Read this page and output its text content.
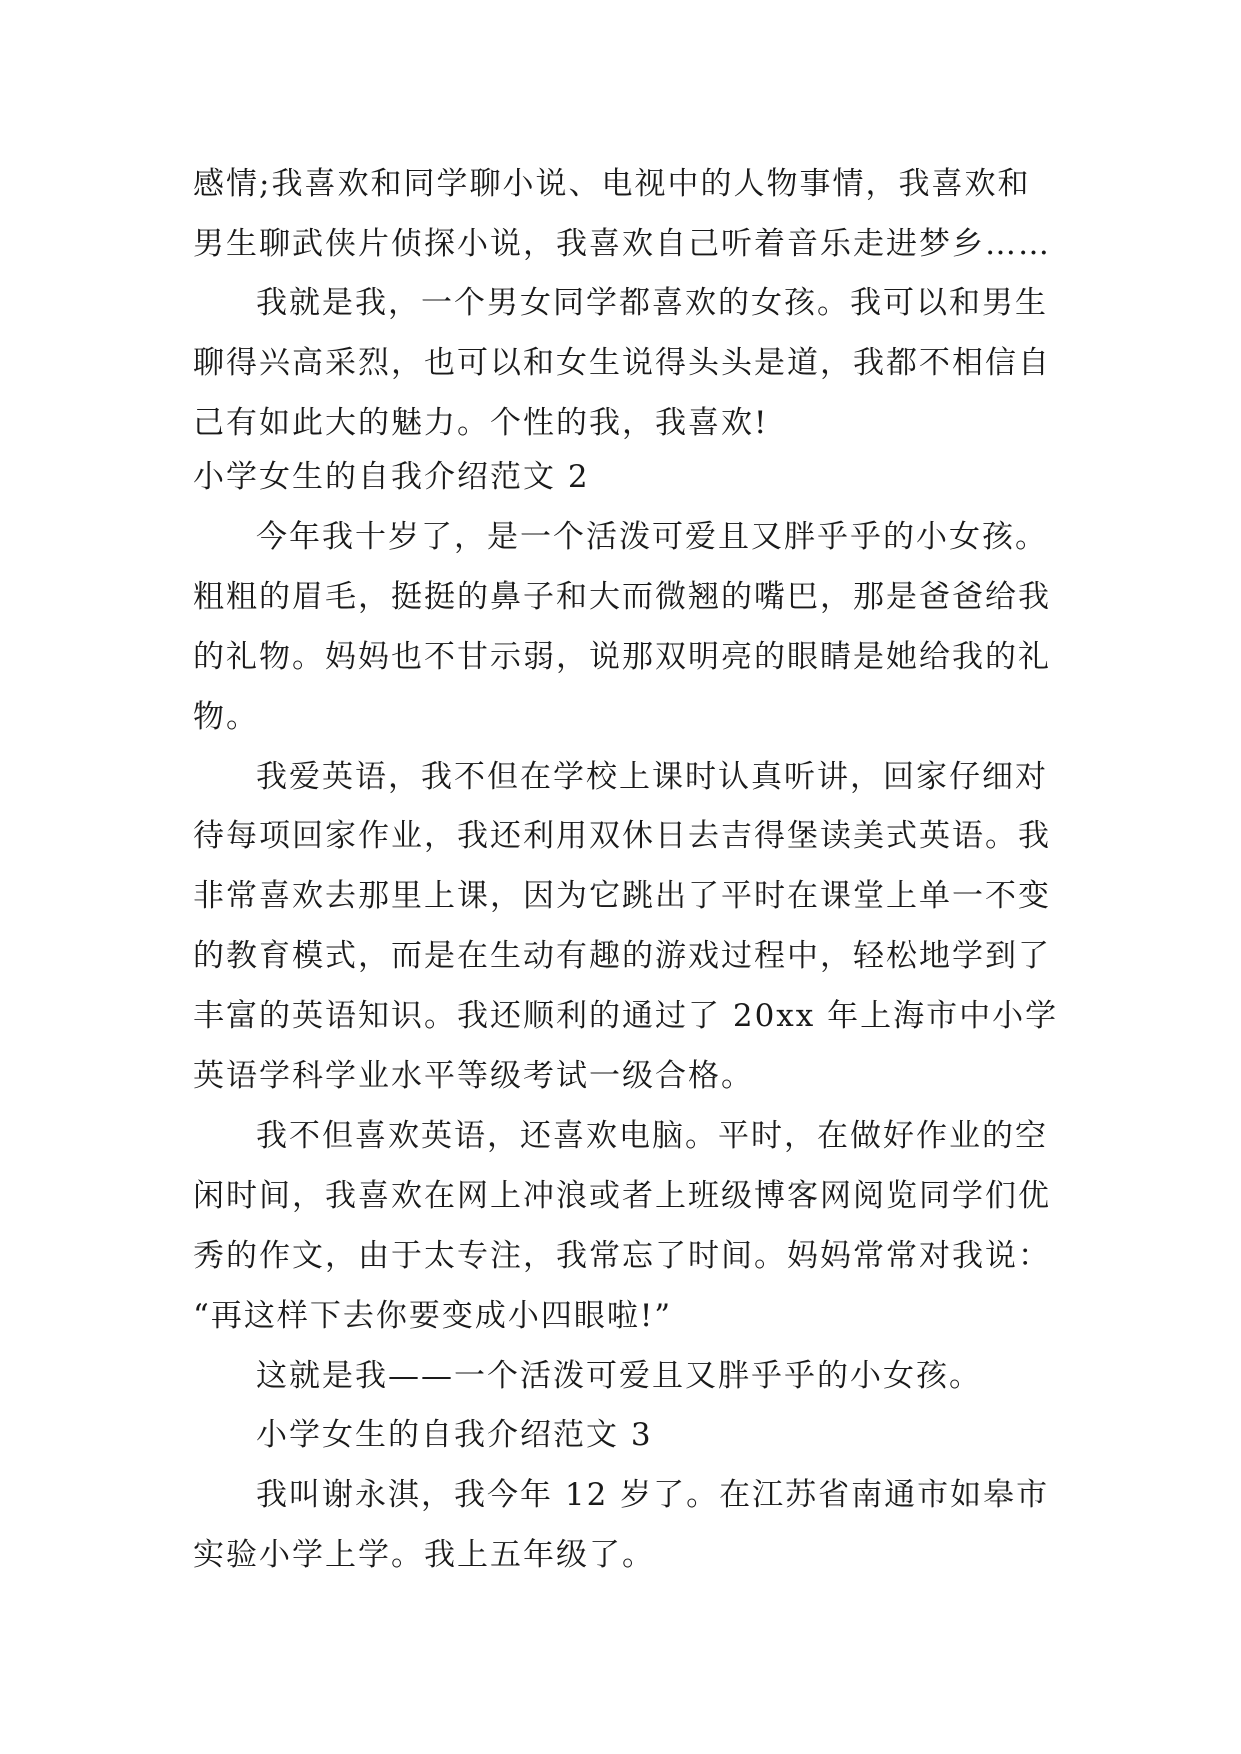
感情;我喜欢和同学聊小说、电视中的人物事情，我喜欢和
男生聊武侠片侦探小说，我喜欢自己听着音乐走进梦乡……
我就是我，一个男女同学都喜欢的女孩。我可以和男生
聊得兴高采烈，也可以和女生说得头头是道，我都不相信自
己有如此大的魅力。个性的我，我喜欢!
小学女生的自我介绍范文 2
今年我十岁了，是一个活泼可爱且又胖乎乎的小女孩。
粗粗的眉毛，挺挺的鼻子和大而微翘的嘴巴，那是爸爸给我
的礼物。妈妈也不甘示弱，说那双明亮的眼睛是她给我的礼
物。
我爱英语，我不但在学校上课时认真听讲，回家仔细对
待每项回家作业，我还利用双休日去吉得堡读美式英语。我
非常喜欢去那里上课，因为它跳出了平时在课堂上单一不变
的教育模式，而是在生动有趣的游戏过程中，轻松地学到了
丰富的英语知识。我还顺利的通过了 20xx 年上海市中小学
英语学科学业水平等级考试一级合格。
我不但喜欢英语，还喜欢电脑。平时，在做好作业的空
闲时间，我喜欢在网上冲浪或者上班级博客网阅览同学们优
秀的作文，由于太专注，我常忘了时间。妈妈常常对我说：
“再这样下去你要变成小四眼啦!”
这就是我——一个活泼可爱且又胖乎乎的小女孩。
小学女生的自我介绍范文 3
我叫谢永淇，我今年 12 岁了。在江苏省南通市如皋市
实验小学上学。我上五年级了。
